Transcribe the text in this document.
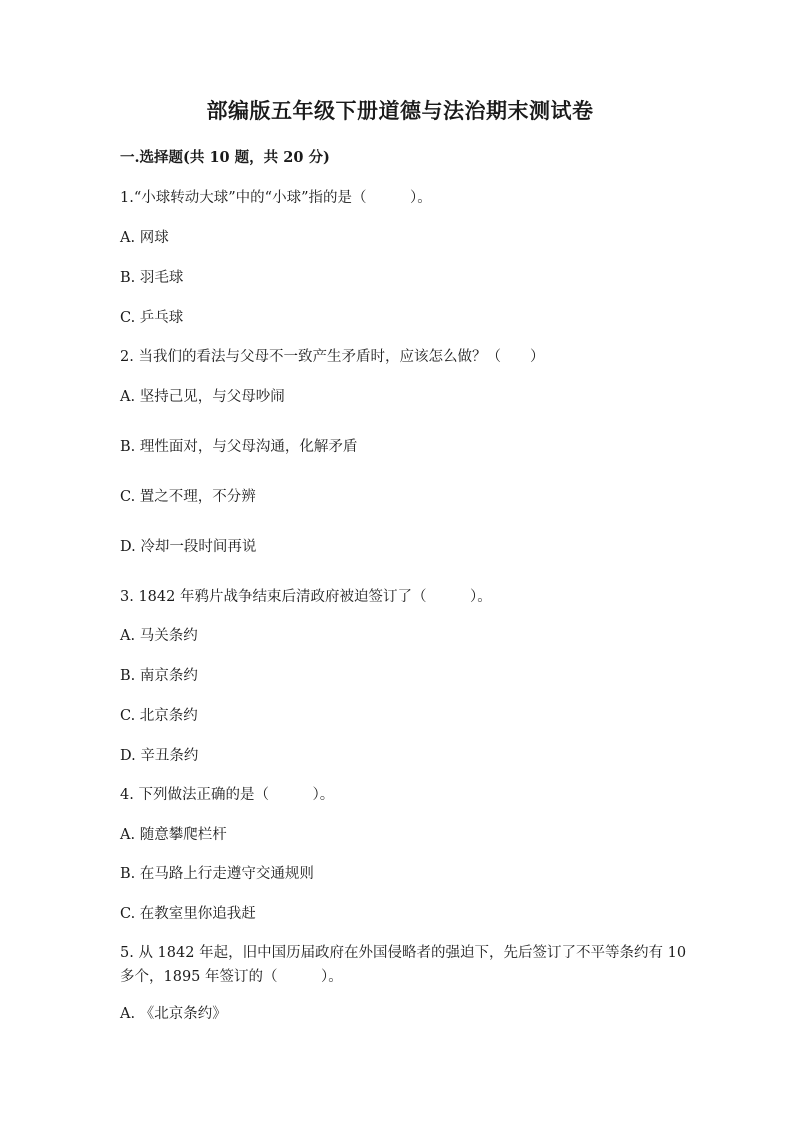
部编版五年级下册道德与法治期末测试卷
一.选择题(共 10 题，共 20 分)
1.“小球转动大球”中的“小球”指的是（　　　）。
A. 网球
B. 羽毛球
C. 乒乓球
2. 当我们的看法与父母不一致产生矛盾时，应该怎么做？（　　）
A. 坚持己见，与父母吵闹
B. 理性面对，与父母沟通，化解矛盾
C. 置之不理，不分辨
D. 冷却一段时间再说
3. 1842 年鸦片战争结束后清政府被迫签订了（　　　）。
A. 马关条约
B. 南京条约
C. 北京条约
D. 辛丑条约
4. 下列做法正确的是（　　　）。
A. 随意攀爬栏杆
B. 在马路上行走遵守交通规则
C. 在教室里你追我赶
5. 从 1842 年起，旧中国历届政府在外国侵略者的强迫下，先后签订了不平等条约有 10 多个，1895 年签订的（　　　）。
A. 《北京条约》
